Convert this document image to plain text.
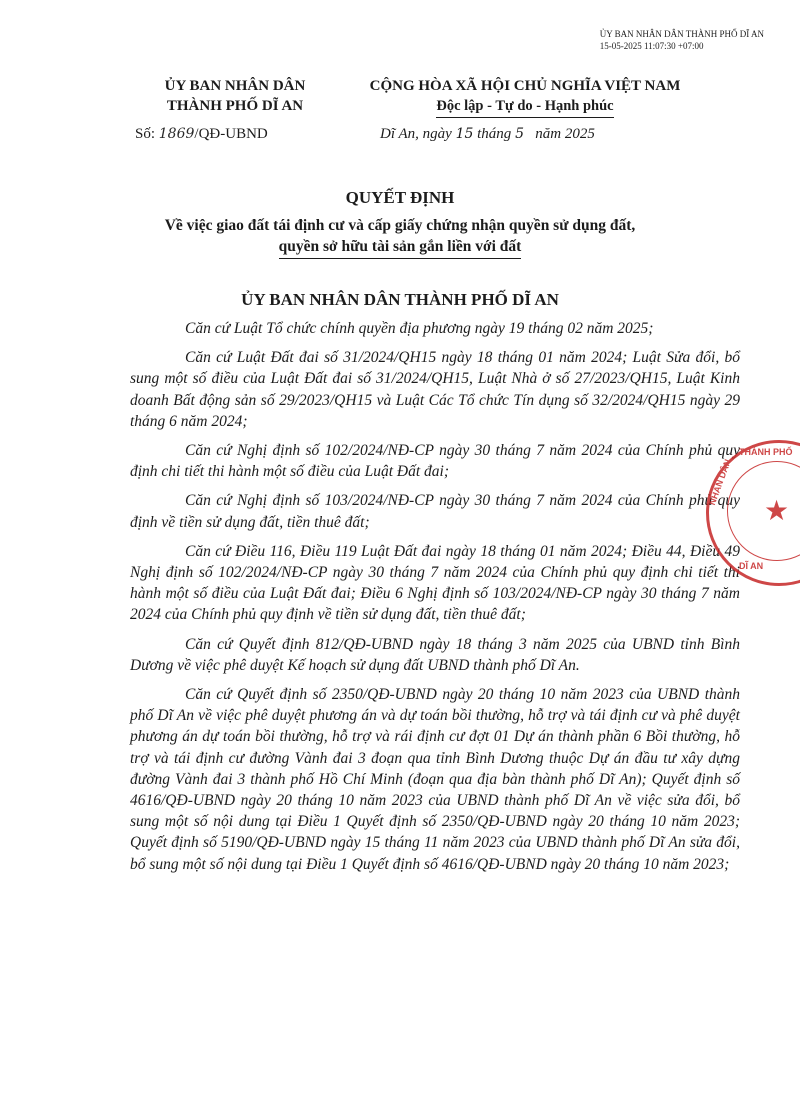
ỦY BAN NHÂN DÂN THÀNH PHỐ DĨ AN
15-05-2025 11:07:30 +07:00
ỦY BAN NHÂN DÂN
THÀNH PHỐ DĨ AN
CỘNG HÒA XÃ HỘI CHỦ NGHĨA VIỆT NAM
Độc lập - Tự do - Hạnh phúc
Số: 1869/QĐ-UBND	Dĩ An, ngày 15 tháng 5 năm 2025
QUYẾT ĐỊNH
Về việc giao đất tái định cư và cấp giấy chứng nhận quyền sử dụng đất,
quyền sở hữu tài sản gắn liền với đất
ỦY BAN NHÂN DÂN THÀNH PHỐ DĨ AN

Căn cứ Luật Tổ chức chính quyền địa phương ngày 19 tháng 02 năm 2025;

Căn cứ Luật Đất đai số 31/2024/QH15 ngày 18 tháng 01 năm 2024; Luật Sửa đổi, bổ sung một số điều của Luật Đất đai số 31/2024/QH15, Luật Nhà ở số 27/2023/QH15, Luật Kinh doanh Bất động sản số 29/2023/QH15 và Luật Các Tổ chức Tín dụng số 32/2024/QH15 ngày 29 tháng 6 năm 2024;

Căn cứ Nghị định số 102/2024/NĐ-CP ngày 30 tháng 7 năm 2024 của Chính phủ quy định chi tiết thi hành một số điều của Luật Đất đai;

Căn cứ Nghị định số 103/2024/NĐ-CP ngày 30 tháng 7 năm 2024 của Chính phủ quy định về tiền sử dụng đất, tiền thuê đất;

Căn cứ Điều 116, Điều 119 Luật Đất đai ngày 18 tháng 01 năm 2024; Điều 44, Điều 49 Nghị định số 102/2024/NĐ-CP ngày 30 tháng 7 năm 2024 của Chính phủ quy định chi tiết thi hành một số điều của Luật Đất đai; Điều 6 Nghị định số 103/2024/NĐ-CP ngày 30 tháng 7 năm 2024 của Chính phủ quy định về tiền sử dụng đất, tiền thuê đất;

Căn cứ Quyết định 812/QĐ-UBND ngày 18 tháng 3 năm 2025 của UBND tỉnh Bình Dương về việc phê duyệt Kế hoạch sử dụng đất UBND thành phố Dĩ An.

Căn cứ Quyết định số 2350/QĐ-UBND ngày 20 tháng 10 năm 2023 của UBND thành phố Dĩ An về việc phê duyệt phương án và dự toán bồi thường, hỗ trợ và tái định cư và phê duyệt phương án dự toán bồi thường, hỗ trợ và rái định cư đợt 01 Dự án thành phần 6 Bồi thường, hỗ trợ và tái định cư đường Vành đai 3 đoạn qua tỉnh Bình Dương thuộc Dự án đầu tư xây dựng đường Vành đai 3 thành phố Hồ Chí Minh (đoạn qua địa bàn thành phố Dĩ An); Quyết định số 4616/QĐ-UBND ngày 20 tháng 10 năm 2023 của UBND thành phố Dĩ An về việc sửa đổi, bổ sung một số nội dung tại Điều 1 Quyết định số 2350/QĐ-UBND ngày 20 tháng 10 năm 2023; Quyết định số 5190/QĐ-UBND ngày 15 tháng 11 năm 2023 của UBND thành phố Dĩ An sửa đổi, bổ sung một số nội dung tại Điều 1 Quyết định số 4616/QĐ-UBND ngày 20 tháng 10 năm 2023;

★
THÀNH PHỐ
NHÂN DÂN
DĨ AN
